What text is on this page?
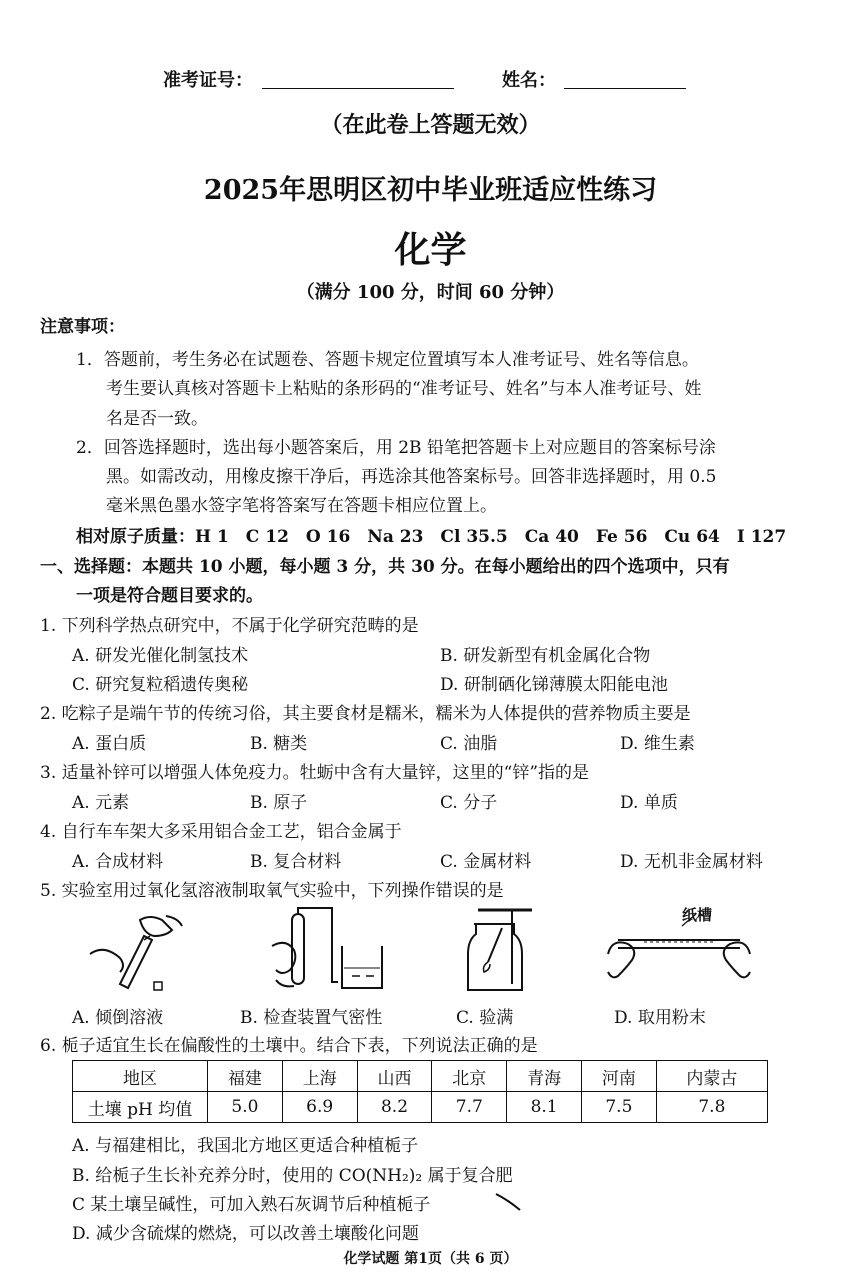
准考证号：	姓名：
（在此卷上答题无效）
2025年思明区初中毕业班适应性练习
化学
（满分 100 分，时间 60 分钟）
注意事项：
1．答题前，考生务必在试题卷、答题卡规定位置填写本人准考证号、姓名等信息。
考生要认真核对答题卡上粘贴的条形码的“准考证号、姓名”与本人准考证号、姓
名是否一致。
2．回答选择题时，选出每小题答案后，用 2B 铅笔把答题卡上对应题目的答案标号涂
黑。如需改动，用橡皮擦干净后，再选涂其他答案标号。回答非选择题时，用 0.5
毫米黑色墨水签字笔将答案写在答题卡相应位置上。
相对原子质量：H 1　C 12　O 16　Na 23　Cl 35.5　Ca 40　Fe 56　Cu 64　I 127
一、选择题：本题共 10 小题，每小题 3 分，共 30 分。在每小题给出的四个选项中，只有
一项是符合题目要求的。
1. 下列科学热点研究中，不属于化学研究范畴的是
A. 研发光催化制氢技术	B. 研发新型有机金属化合物
C. 研究复粒稻遗传奥秘	D. 研制硒化锑薄膜太阳能电池
2. 吃粽子是端午节的传统习俗，其主要食材是糯米，糯米为人体提供的营养物质主要是
A. 蛋白质	B. 糖类	C. 油脂	D. 维生素
3. 适量补锌可以增强人体免疫力。牡蛎中含有大量锌，这里的“锌”指的是
A. 元素	B. 原子	C. 分子	D. 单质
4. 自行车车架大多采用铝合金工艺，铝合金属于
A. 合成材料	B. 复合材料	C. 金属材料	D. 无机非金属材料
5. 实验室用过氧化氢溶液制取氧气实验中，下列操作错误的是
纸槽
A. 倾倒溶液	B. 检查装置气密性	C. 验满	D. 取用粉末
6. 栀子适宜生长在偏酸性的土壤中。结合下表，下列说法正确的是
地区	福建	上海	山西	北京	青海	河南	内蒙古
土壤 pH 均值	5.0	6.9	8.2	7.7	8.1	7.5	7.8
A. 与福建相比，我国北方地区更适合种植栀子
B. 给栀子生长补充养分时，使用的 CO(NH₂)₂ 属于复合肥
C 某土壤呈碱性，可加入熟石灰调节后种植栀子
D. 减少含硫煤的燃烧，可以改善土壤酸化问题
化学试题 第1页（共 6 页）
